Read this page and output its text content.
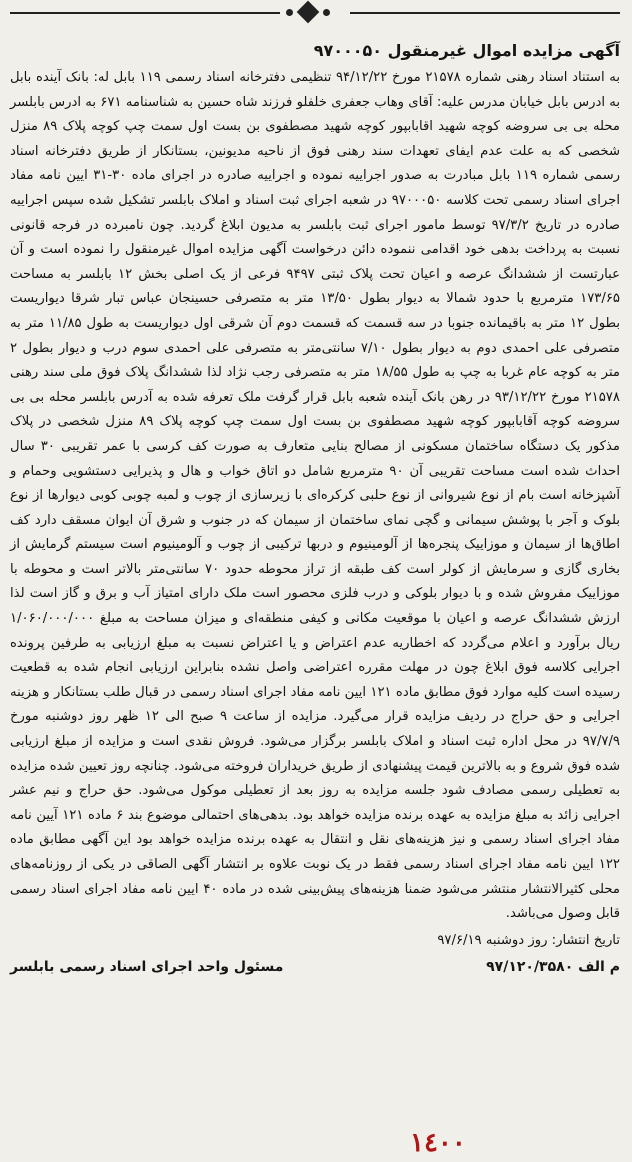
آگهی مزایده اموال غیرمنقول ۹۷۰۰۰۵۰

به استناد اسناد رهنی شماره ۲۱۵۷۸ مورخ ۹۴/۱۲/۲۲ تنظیمی دفترخانه اسناد رسمی ۱۱۹ بابل له: بانک آینده بابل به ادرس بابل خیابان مدرس علیه: آقای وهاب جعفری خلفلو فرزند شاه حسین به شناسنامه ۶۷۱ به ادرس بابلسر محله بی بی سروضه کوچه شهید اقابابپور کوچه شهید مصطفوی بن بست اول سمت چپ کوچه پلاک ۸۹ منزل شخصی که به علت عدم ایفای تعهدات سند رهنی فوق از ناحیه مدیونین، بستانکار از طریق دفترخانه اسناد رسمی شماره ۱۱۹ بابل مبادرت به صدور اجراییه نموده و اجراییه صادره در اجرای ماده ۳۰-۳۱ ایین نامه مفاد اجرای اسناد رسمی تحت کلاسه ۹۷۰۰۰۵۰ در شعبه اجرای ثبت اسناد و املاک بابلسر تشکیل شده سپس اجراییه صادره در تاریخ ۹۷/۳/۲ توسط مامور اجرای ثبت بابلسر به مدیون ابلاغ گردید. چون نامبرده در فرجه قانونی نسبت به پرداخت بدهی خود اقدامی ننموده دائن درخواست آگهی مزایده اموال غیرمنقول را نموده است و آن عبارتست از ششدانگ عرصه و اعیان تحت پلاک ثبتی ۹۴۹۷ فرعی از یک اصلی بخش ۱۲ بابلسر به مساحت ۱۷۳/۶۵ مترمربع با حدود شمالا به دیوار بطول ۱۳/۵۰ متر به متصرفی حسینجان عباس تبار شرقا دیواریست بطول ۱۲ متر به باقیمانده جنوبا در سه قسمت که قسمت دوم آن شرقی اول دیواریست به طول ۱۱/۸۵ متر به متصرفی علی احمدی دوم به دیوار بطول ۷/۱۰ سانتی‌متر به متصرفی علی احمدی سوم درب و دیوار بطول ۲ متر به کوچه عام غربا به چپ به طول ۱۸/۵۵ متر به متصرفی رجب نژاد لذا ششدانگ پلاک فوق ملی سند رهنی ۲۱۵۷۸ مورخ ۹۳/۱۲/۲۲ در رهن بانک آینده شعبه بابل قرار گرفت ملک تعرفه شده به آدرس بابلسر محله بی بی سروضه کوچه آقابابپور کوچه شهید مصطفوی بن بست اول سمت چپ کوچه پلاک ۸۹ منزل شخصی در پلاک مذکور یک دستگاه ساختمان مسکونی از مصالح بنایی متعارف به صورت کف کرسی با عمر تقریبی ۳۰ سال احداث شده است مساحت تقریبی آن ۹۰ مترمربع شامل دو اتاق خواب و هال و پذیرایی دستشویی وحمام و آشپزخانه است بام از نوع شیروانی از نوع حلبی کرکره‌ای با زیرسازی از چوب و لمبه چوبی کوبی دیوارها از نوع بلوک و آجر با پوشش سیمانی و گچی نمای ساختمان از سیمان که در جنوب و شرق آن ایوان مسقف دارد کف اطاق‌ها از سیمان و موزاییک پنجره‌ها از آلومینیوم و دربها ترکیبی از چوب و آلومینیوم است سیستم گرمایش از بخاری گازی و سرمایش از کولر است کف طبقه از تراز محوطه حدود ۷۰ سانتی‌متر بالاتر است و محوطه با موزاییک مفروش شده و با دیوار بلوکی و درب فلزی محصور است ملک دارای امتیاز آب و برق و گاز است لذا ارزش ششدانگ عرصه و اعیان با موقعیت مکانی و کیفی منطقه‌ای و میزان مساحت به مبلغ ۱/۰۶۰/۰۰۰/۰۰۰ ریال برآورد و اعلام می‌گردد که اخطاریه عدم اعتراض و یا اعتراض نسبت به مبلغ ارزیابی به طرفین پرونده اجرایی کلاسه فوق ابلاغ چون در مهلت مقرره اعتراضی واصل نشده بنابراین ارزیابی انجام شده به قطعیت رسیده است کلیه موارد فوق مطابق ماده ۱۲۱ ایین نامه مفاد اجرای اسناد رسمی در قبال طلب بستانکار و هزینه اجرایی و حق حراج در ردیف مزایده قرار می‌گیرد. مزایده از ساعت ۹ صبح الی ۱۲ ظهر روز دوشنبه مورخ ۹۷/۷/۹ در محل اداره ثبت اسناد و املاک بابلسر برگزار می‌شود. فروش نقدی است و مزایده از مبلغ ارزیابی شده فوق شروع و به بالاترین قیمت پیشنهادی از طریق خریداران فروخته می‌شود. چنانچه روز تعیین شده مزایده به تعطیلی رسمی مصادف شود جلسه مزایده به روز بعد از تعطیلی موکول می‌شود. حق حراج و نیم عشر اجرایی زائد به مبلغ مزایده به عهده برنده مزایده خواهد بود. بدهی‌های احتمالی موضوع بند ۶ ماده ۱۲۱ آیین نامه مفاد اجرای اسناد رسمی و نیز هزینه‌های نقل و انتقال به عهده برنده مزایده خواهد بود این آگهی مطابق ماده ۱۲۲ ایین نامه مفاد اجرای اسناد رسمی فقط در یک نوبت علاوه بر انتشار آگهی الصاقی در یکی از روزنامه‌های محلی کثیرالانتشار منتشر می‌شود ضمنا هزینه‌های پیش‌بینی شده در ماده ۴۰ ایین نامه مفاد اجرای اسناد رسمی قابل وصول می‌باشد.

تاریخ انتشار: روز دوشنبه ۹۷/۶/۱۹

م الف ۹۷/۱۲۰/۳۵۸۰
مسئول واحد اجرای اسناد رسمی بابلسر
۱٤٠٠
